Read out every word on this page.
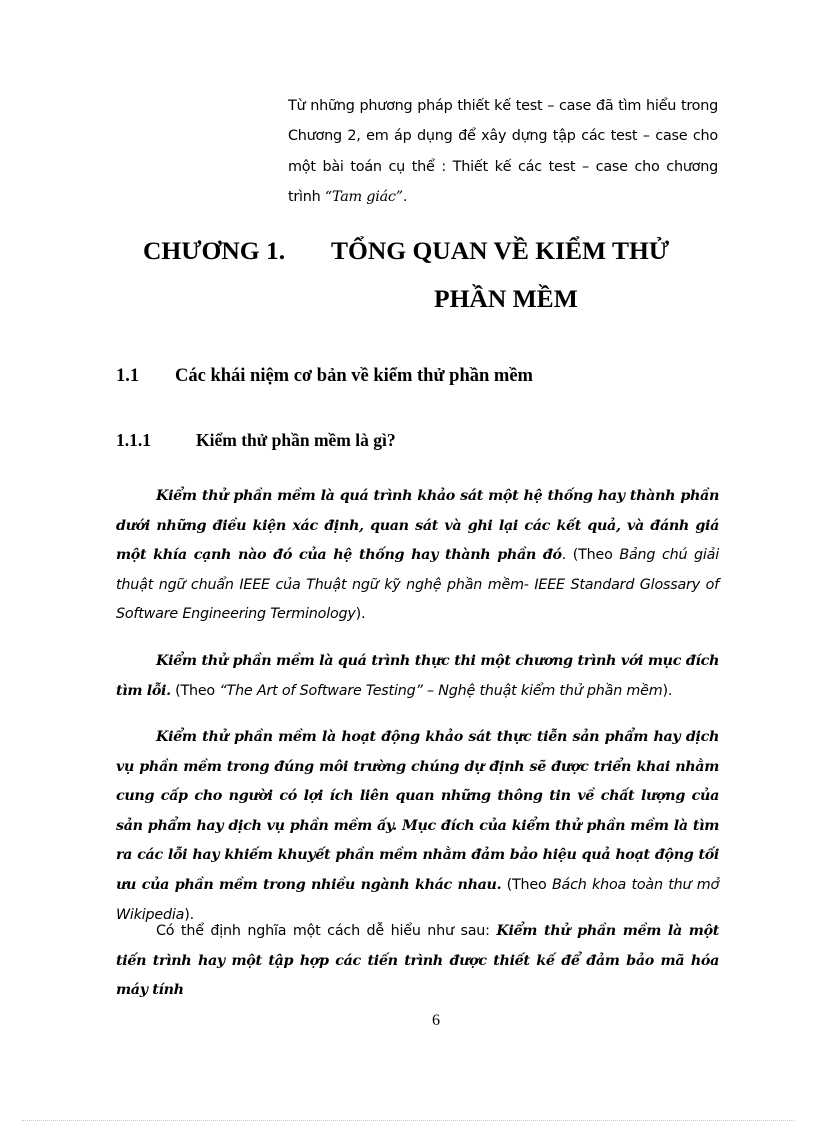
Từ những phương pháp thiết kế test – case đã tìm hiểu trong Chương 2, em áp dụng để xây dựng tập các test – case cho một bài toán cụ thể : Thiết kế các test – case cho chương trình “Tam giác”.
CHƯƠNG 1. TỔNG QUAN VỀ KIỂM THỬ
PHẦN MỀM
1.1 Các khái niệm cơ bản về kiểm thử phần mềm
1.1.1	Kiểm thử phần mềm là gì?
Kiểm thử phần mềm là quá trình khảo sát một hệ thống hay thành phần dưới những điều kiện xác định, quan sát và ghi lại các kết quả, và đánh giá một khía cạnh nào đó của hệ thống hay thành phần đó. (Theo Bảng chú giải thuật ngữ chuẩn IEEE của Thuật ngữ kỹ nghệ phần mềm- IEEE Standard Glossary of Software Engineering Terminology).
Kiểm thử phần mềm là quá trình thực thi một chương trình với mục đích tìm lỗi. (Theo “The Art of Software Testing” – Nghệ thuật kiểm thử phần mềm).
Kiểm thử phần mềm là hoạt động khảo sát thực tiễn sản phẩm hay dịch vụ phần mềm trong đúng môi trường chúng dự định sẽ được triển khai nhằm cung cấp cho người có lợi ích liên quan những thông tin về chất lượng của sản phẩm hay dịch vụ phần mềm ấy. Mục đích của kiểm thử phần mềm là tìm ra các lỗi hay khiếm khuyết phần mềm nhằm đảm bảo hiệu quả hoạt động tối ưu của phần mềm trong nhiều ngành khác nhau. (Theo Bách khoa toàn thư mở Wikipedia).
Có thể định nghĩa một cách dễ hiểu như sau: Kiểm thử phần mềm là một tiến trình hay một tập hợp các tiến trình được thiết kế để đảm bảo mã hóa máy tính
6
